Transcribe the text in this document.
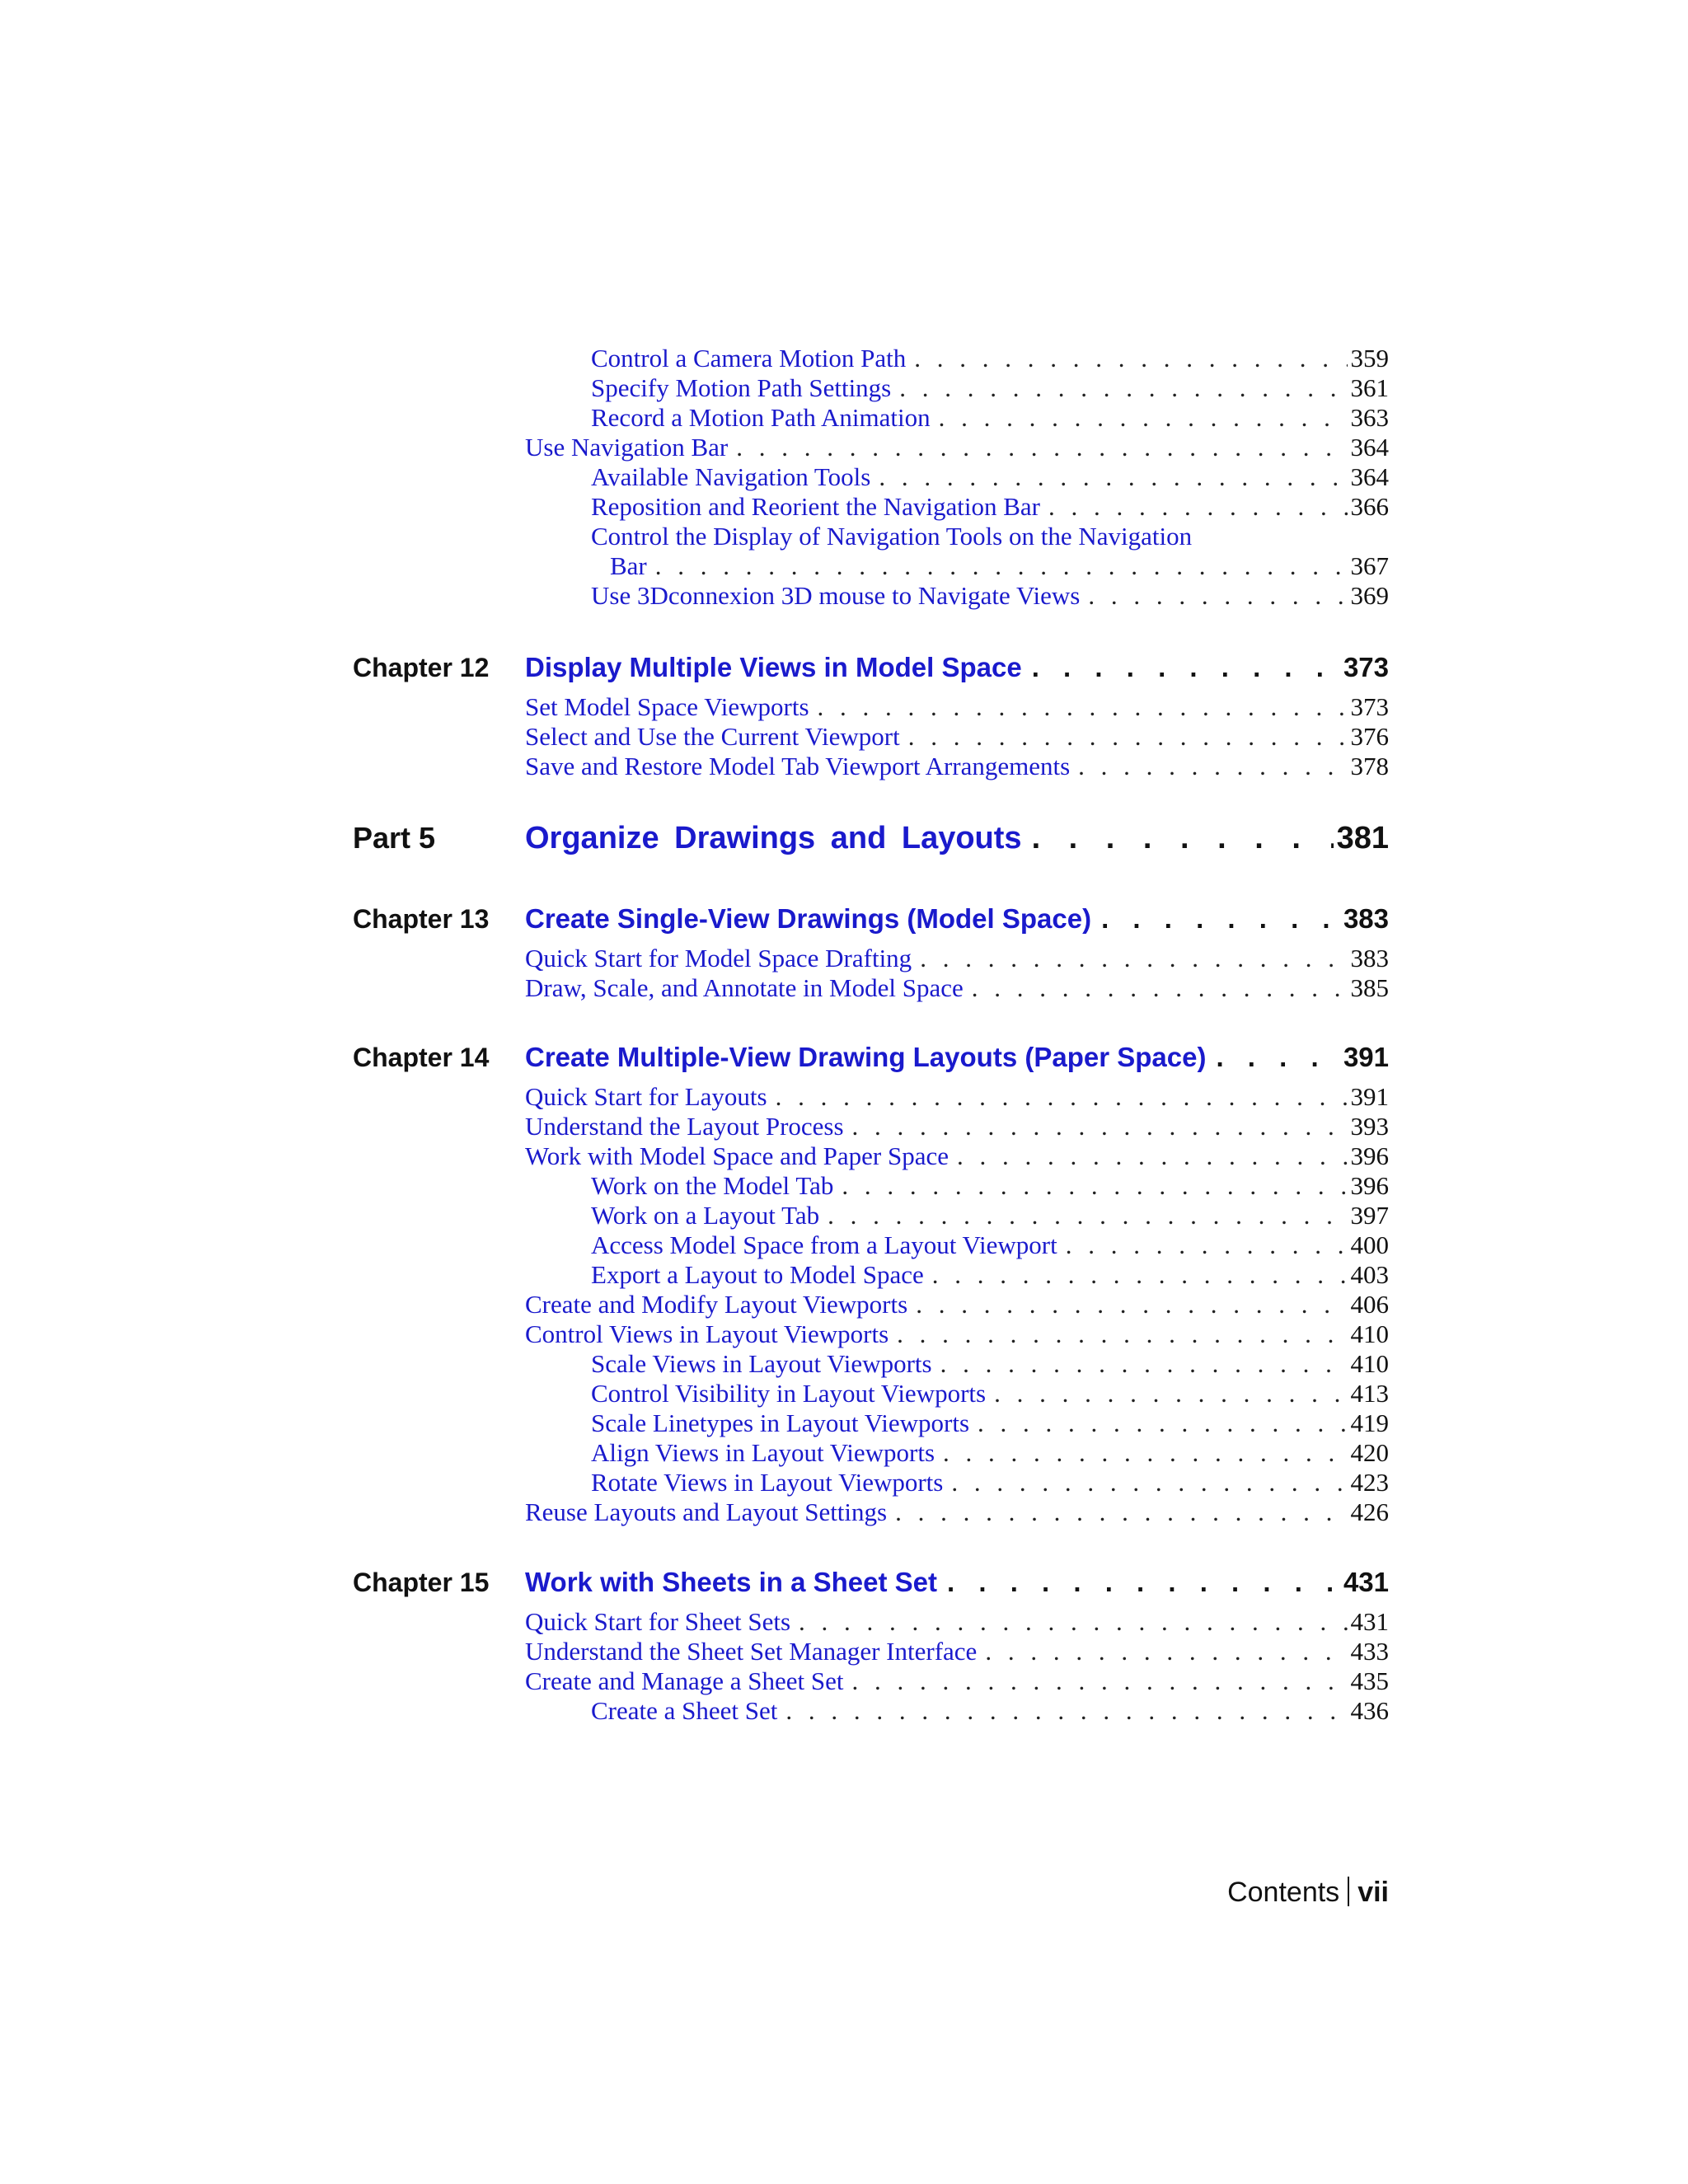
Control a Camera Motion Path . . .	359
Specify Motion Path Settings . . .	361
Record a Motion Path Animation . . .	363
Use Navigation Bar . . .	364
Available Navigation Tools . . .	364
Reposition and Reorient the Navigation Bar . . .	366
Control the Display of Navigation Tools on the Navigation
Bar . . .	367
Use 3Dconnexion 3D mouse to Navigate Views . . .	369
Chapter 12 Display Multiple Views in Model Space . . .	373
Set Model Space Viewports . . .	373
Select and Use the Current Viewport . . .	376
Save and Restore Model Tab Viewport Arrangements . . .	378
Part 5	Organize Drawings and Layouts . . .	381
Chapter 13 Create Single-View Drawings (Model Space) . . .	383
Quick Start for Model Space Drafting . . .	383
Draw, Scale, and Annotate in Model Space . . .	385
Chapter 14 Create Multiple-View Drawing Layouts (Paper Space) . . .	391
Quick Start for Layouts . . .	391
Understand the Layout Process . . .	393
Work with Model Space and Paper Space . . .	396
Work on the Model Tab . . .	396
Work on a Layout Tab . . .	397
Access Model Space from a Layout Viewport . . .	400
Export a Layout to Model Space . . .	403
Create and Modify Layout Viewports . . .	406
Control Views in Layout Viewports . . .	410
Scale Views in Layout Viewports . . .	410
Control Visibility in Layout Viewports . . .	413
Scale Linetypes in Layout Viewports . . .	419
Align Views in Layout Viewports . . .	420
Rotate Views in Layout Viewports . . .	423
Reuse Layouts and Layout Settings . . .	426
Chapter 15 Work with Sheets in a Sheet Set . . .	431
Quick Start for Sheet Sets . . .	431
Understand the Sheet Set Manager Interface . . .	433
Create and Manage a Sheet Set . . .	435
Create a Sheet Set . . .	436
Contents vii
